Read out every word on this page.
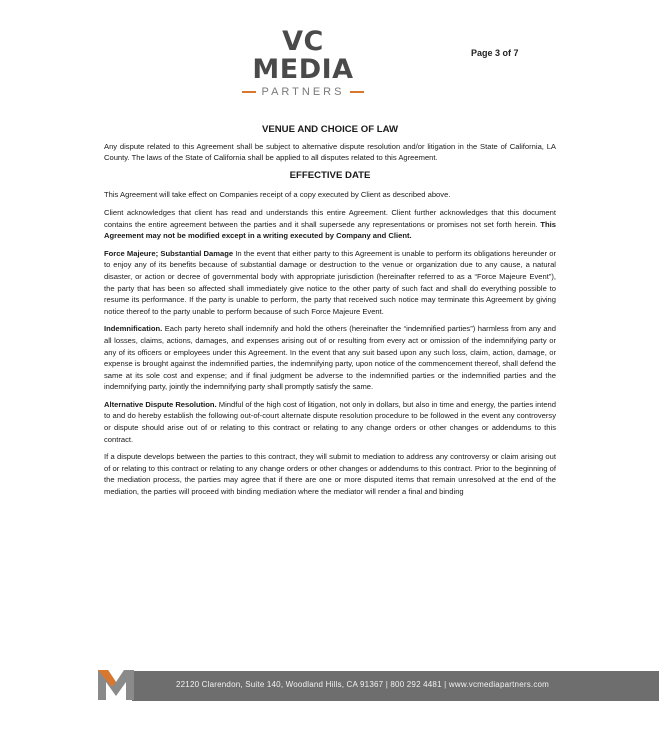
VC MEDIA
PARTNERS
Page 3 of 7
VENUE AND CHOICE OF LAW

Any dispute related to this Agreement shall be subject to alternative dispute resolution and/or litigation in the State of California, LA County. The laws of the State of California shall be applied to all disputes related to this Agreement.

EFFECTIVE DATE

This Agreement will take effect on Companies receipt of a copy executed by Client as described above.

Client acknowledges that client has read and understands this entire Agreement. Client further acknowledges that this document contains the entire agreement between the parties and it shall supersede any representations or promises not set forth herein. This Agreement may not be modified except in a writing executed by Company and Client.

Force Majeure; Substantial Damage In the event that either party to this Agreement is unable to perform its obligations hereunder or to enjoy any of its benefits because of substantial damage or destruction to the venue or organization due to any cause, a natural disaster, or action or decree of governmental body with appropriate jurisdiction (hereinafter referred to as a “Force Majeure Event”), the party that has been so affected shall immediately give notice to the other party of such fact and shall do everything possible to resume its performance. If the party is unable to perform, the party that received such notice may terminate this Agreement by giving notice thereof to the party unable to perform because of such Force Majeure Event.

Indemnification. Each party hereto shall indemnify and hold the others (hereinafter the “indemnified parties”) harmless from any and all losses, claims, actions, damages, and expenses arising out of or resulting from every act or omission of the indemnifying party or any of its officers or employees under this Agreement. In the event that any suit based upon any such loss, claim, action, damage, or expense is brought against the indemnified parties, the indemnifying party, upon notice of the commencement thereof, shall defend the same at its sole cost and expense; and if final judgment be adverse to the indemnified parties or the indemnified parties and the indemnifying party, jointly the indemnifying party shall promptly satisfy the same.

Alternative Dispute Resolution. Mindful of the high cost of litigation, not only in dollars, but also in time and energy, the parties intend to and do hereby establish the following out-of-court alternate dispute resolution procedure to be followed in the event any controversy or dispute should arise out of or relating to this contract or relating to any change orders or other changes or addendums to this contract.

If a dispute develops between the parties to this contract, they will submit to mediation to address any controversy or claim arising out of or relating to this contract or relating to any change orders or other changes or addendums to this contract. Prior to the beginning of the mediation process, the parties may agree that if there are one or more disputed items that remain unresolved at the end of the mediation, the parties will proceed with binding mediation where the mediator will render a final and binding

22120 Clarendon, Suite 140, Woodland Hills, CA 91367 | 800 292 4481 | www.vcmediapartners.com
